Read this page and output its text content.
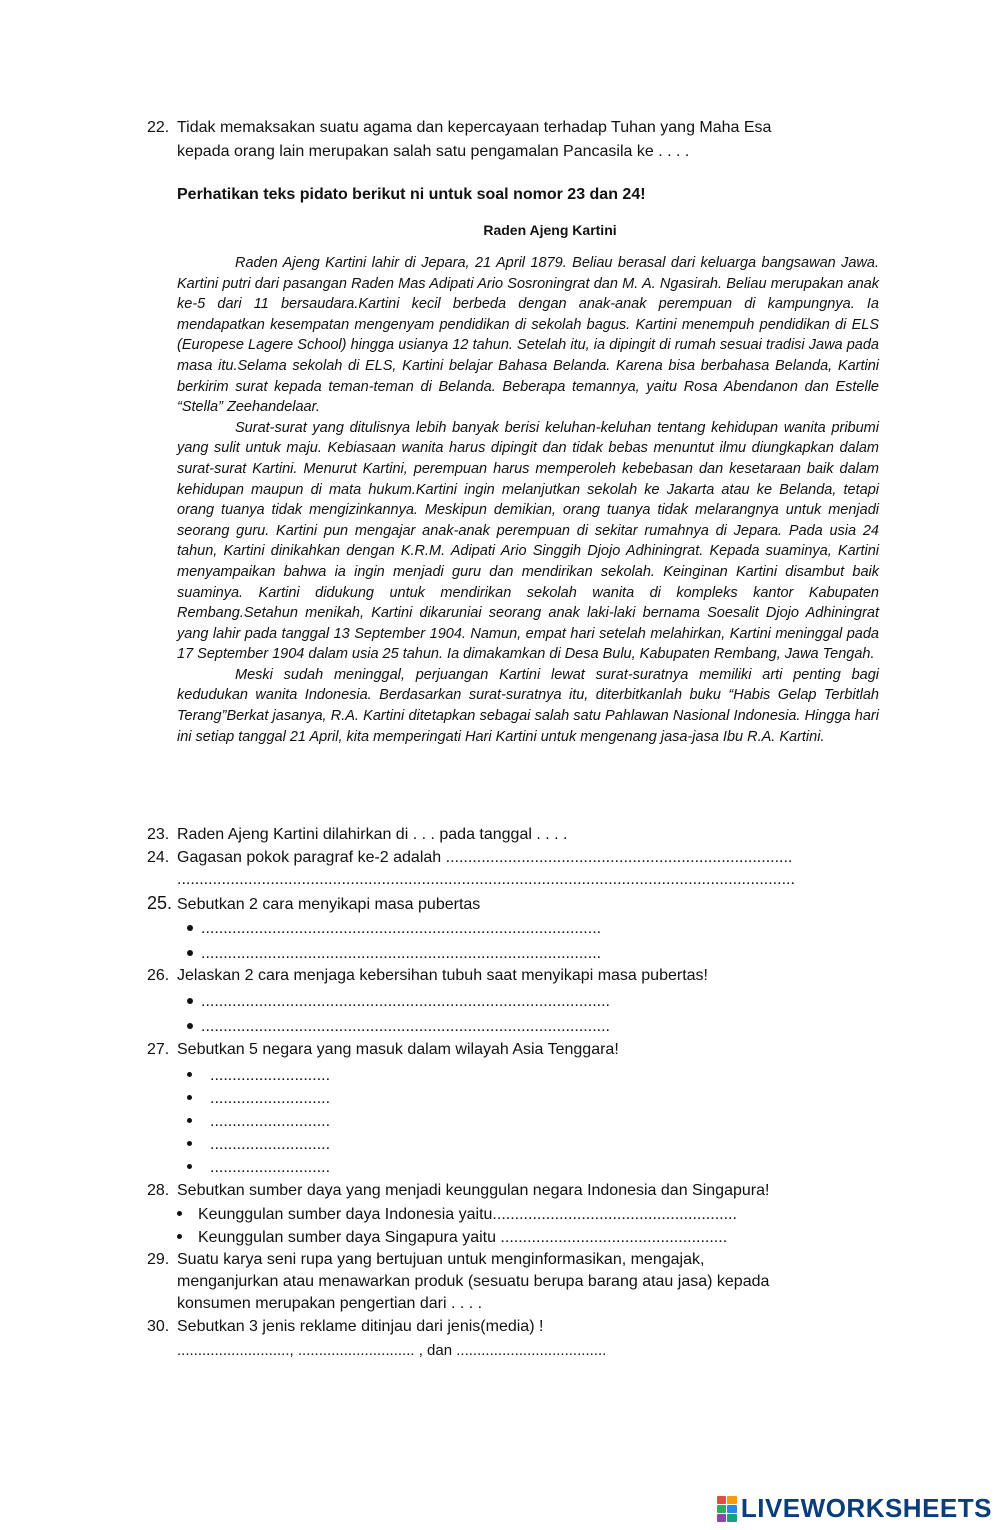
22. Tidak memaksakan suatu agama dan kepercayaan terhadap Tuhan yang Maha Esa
kepada orang lain merupakan salah satu pengamalan Pancasila ke . . . .
Perhatikan teks pidato berikut ni untuk soal nomor 23 dan 24!
Raden Ajeng Kartini

Raden Ajeng Kartini lahir di Jepara, 21 April 1879. Beliau berasal dari keluarga bangsawan Jawa. Kartini putri dari pasangan Raden Mas Adipati Ario Sosroningrat dan M. A. Ngasirah. Beliau merupakan anak ke-5 dari 11 bersaudara.Kartini kecil berbeda dengan anak-anak perempuan di kampungnya. Ia mendapatkan kesempatan mengenyam pendidikan di sekolah bagus. Kartini menempuh pendidikan di ELS (Europese Lagere School) hingga usianya 12 tahun. Setelah itu, ia dipingit di rumah sesuai tradisi Jawa pada masa itu.Selama sekolah di ELS, Kartini belajar Bahasa Belanda. Karena bisa berbahasa Belanda, Kartini berkirim surat kepada teman-teman di Belanda. Beberapa temannya, yaitu Rosa Abendanon dan Estelle “Stella” Zeehandelaar.

Surat-surat yang ditulisnya lebih banyak berisi keluhan-keluhan tentang kehidupan wanita pribumi yang sulit untuk maju. Kebiasaan wanita harus dipingit dan tidak bebas menuntut ilmu diungkapkan dalam surat-surat Kartini. Menurut Kartini, perempuan harus memperoleh kebebasan dan kesetaraan baik dalam kehidupan maupun di mata hukum.Kartini ingin melanjutkan sekolah ke Jakarta atau ke Belanda, tetapi orang tuanya tidak mengizinkannya. Meskipun demikian, orang tuanya tidak melarangnya untuk menjadi seorang guru. Kartini pun mengajar anak-anak perempuan di sekitar rumahnya di Jepara. Pada usia 24 tahun, Kartini dinikahkan dengan K.R.M. Adipati Ario Singgih Djojo Adhiningrat. Kepada suaminya, Kartini menyampaikan bahwa ia ingin menjadi guru dan mendirikan sekolah. Keinginan Kartini disambut baik suaminya. Kartini didukung untuk mendirikan sekolah wanita di kompleks kantor Kabupaten Rembang.Setahun menikah, Kartini dikaruniai seorang anak laki-laki bernama Soesalit Djojo Adhiningrat yang lahir pada tanggal 13 September 1904. Namun, empat hari setelah melahirkan, Kartini meninggal pada 17 September 1904 dalam usia 25 tahun. Ia dimakamkan di Desa Bulu, Kabupaten Rembang, Jawa Tengah.

Meski sudah meninggal, perjuangan Kartini lewat surat-suratnya memiliki arti penting bagi kedudukan wanita Indonesia. Berdasarkan surat-suratnya itu, diterbitkanlah buku “Habis Gelap Terbitlah Terang”Berkat jasanya, R.A. Kartini ditetapkan sebagai salah satu Pahlawan Nasional Indonesia. Hingga hari ini setiap tanggal 21 April, kita memperingati Hari Kartini untuk mengenang jasa-jasa Ibu R.A. Kartini.

23. Raden Ajeng Kartini dilahirkan di . . . pada tanggal . . . .
24. Gagasan pokok paragraf ke-2 adalah ..............................................................................
...........................................................................................................................................
25. Sebutkan 2 cara menyikapi masa pubertas
..........................................................................................
..........................................................................................
26. Jelaskan 2 cara menjaga kebersihan tubuh saat menyikapi masa pubertas!
............................................................................................
............................................................................................
27. Sebutkan 5 negara yang masuk dalam wilayah Asia Tenggara!
...........................
...........................
...........................
...........................
...........................
28. Sebutkan sumber daya yang menjadi keunggulan negara Indonesia dan Singapura!
Keunggulan sumber daya Indonesia yaitu.......................................................
Keunggulan sumber daya Singapura yaitu ...................................................
29. Suatu karya seni rupa yang bertujuan untuk menginformasikan, mengajak,
menganjurkan atau menawarkan produk (sesuatu berupa barang atau jasa) kepada
konsumen merupakan pengertian dari . . . .
30. Sebutkan 3 jenis reklame ditinjau dari jenis(media) !
..........................., ............................ , dan ....................................
LIVEWORKSHEETS
